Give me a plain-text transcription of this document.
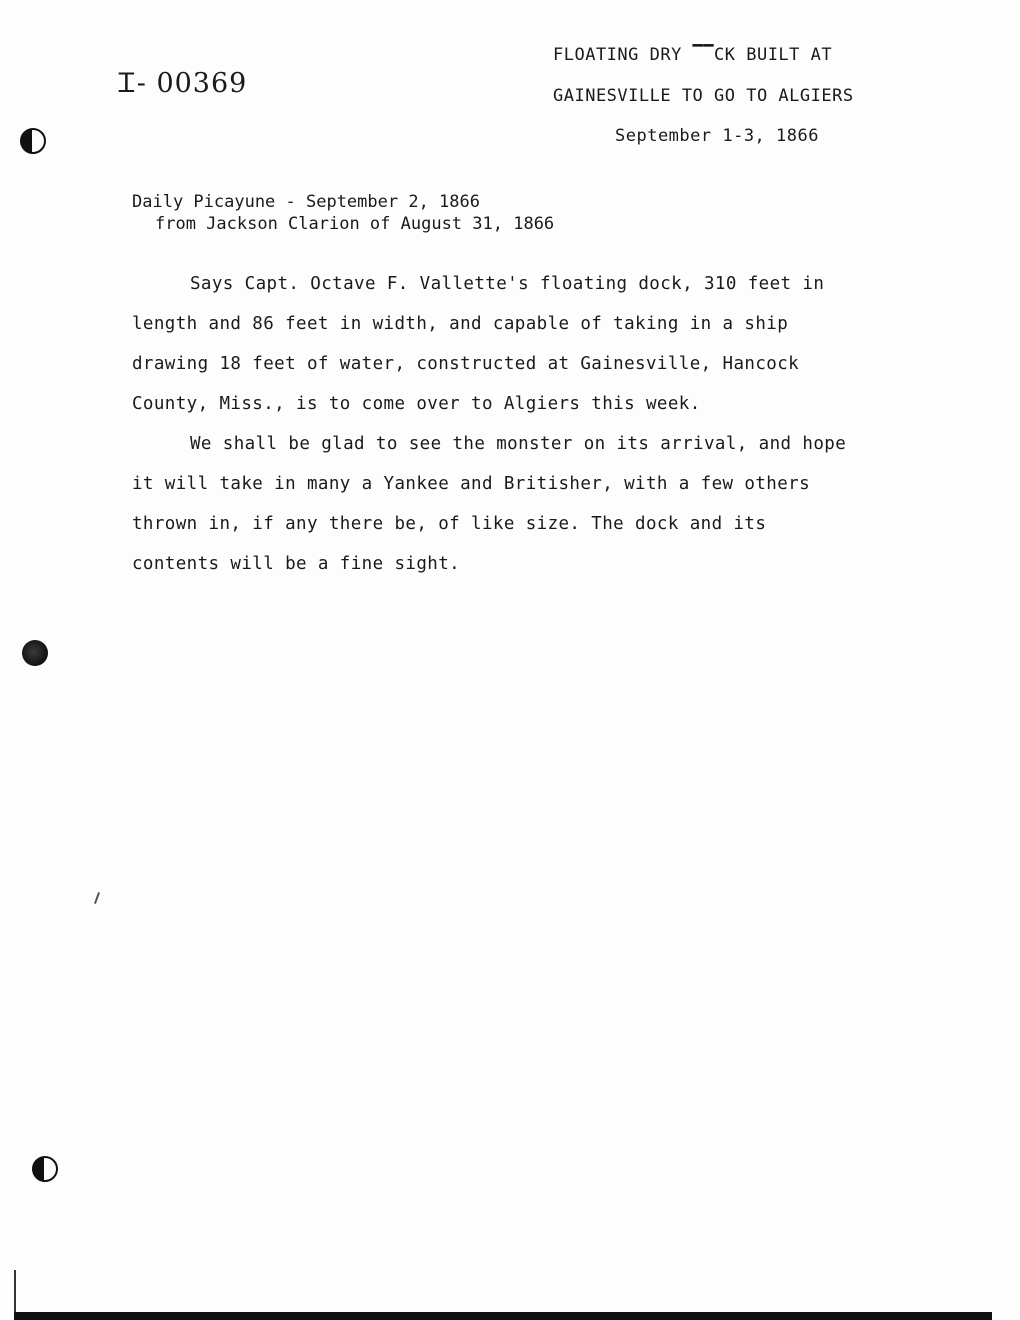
Ꮖ- 00369
FLOATING DRY ▔▔CK BUILT AT
GAINESVILLE TO GO TO ALGIERS
September 1-3, 1866
Daily Picayune - September 2, 1866
from Jackson Clarion of August 31, 1866
Says Capt. Octave F. Vallette's floating dock, 310 feet in
length and 86 feet in width, and capable of taking in a ship
drawing 18 feet of water, constructed at Gainesville, Hancock
County, Miss., is to come over to Algiers this week.
We shall be glad to see the monster on its arrival, and hope
it will take in many a Yankee and Britisher, with a few others
thrown in, if any there be, of like size. The dock and its
contents will be a fine sight.
